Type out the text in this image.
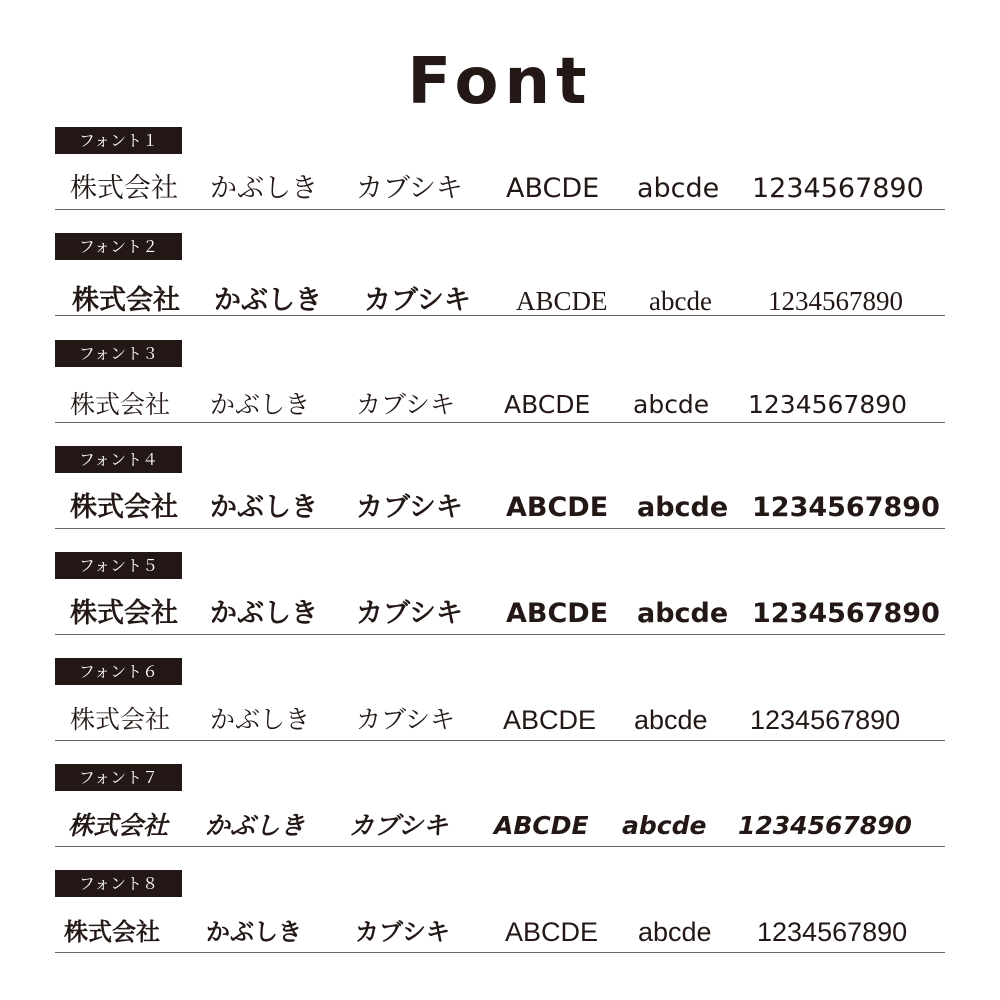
Font
フォント１
株式会社 かぶしき カブシキ ABCDE abcde 1234567890
フォント２
株式会社 かぶしき カブシキ ABCDE abcde 1234567890
フォント３
株式会社 かぶしき カブシキ ABCDE abcde 1234567890
フォント４
株式会社 かぶしき カブシキ ABCDE abcde 1234567890
フォント５
株式会社 かぶしき カブシキ ABCDE abcde 1234567890
フォント６
株式会社 かぶしき カブシキ ABCDE abcde 1234567890
フォント７
株式会社 かぶしき カブシキ ABCDE abcde 1234567890
フォント８
株式会社 かぶしき カブシキ ABCDE abcde 1234567890
